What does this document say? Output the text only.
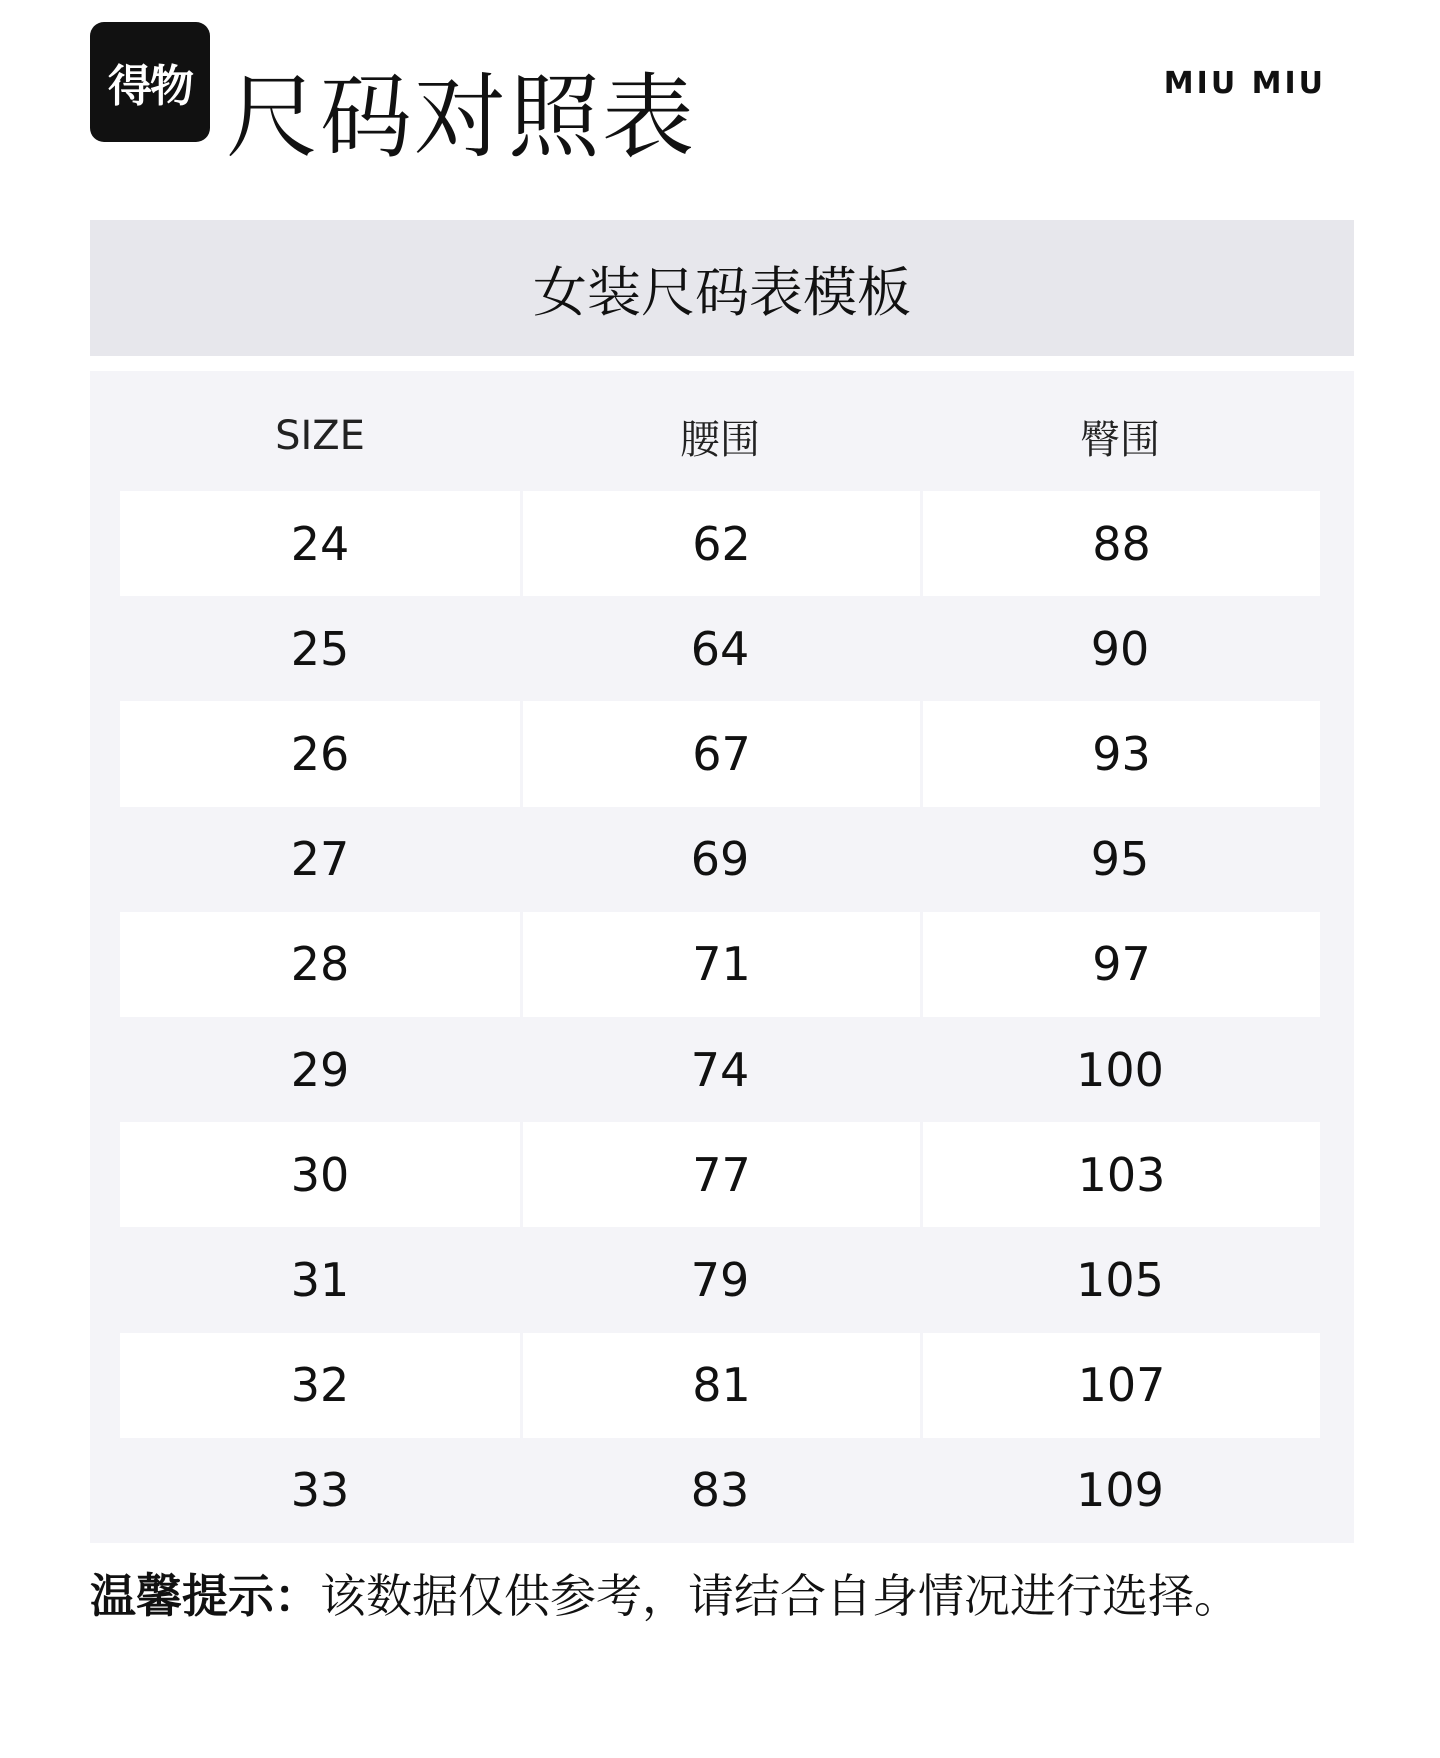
得物 尺码对照表	MIU MIU
女装尺码表模板
SIZE	腰围	臀围
24	62	88
25	64	90
26	67	93
27	69	95
28	71	97
29	74	100
30	77	103
31	79	105
32	81	107
33	83	109
温馨提示：该数据仅供参考，请结合自身情况进行选择。
